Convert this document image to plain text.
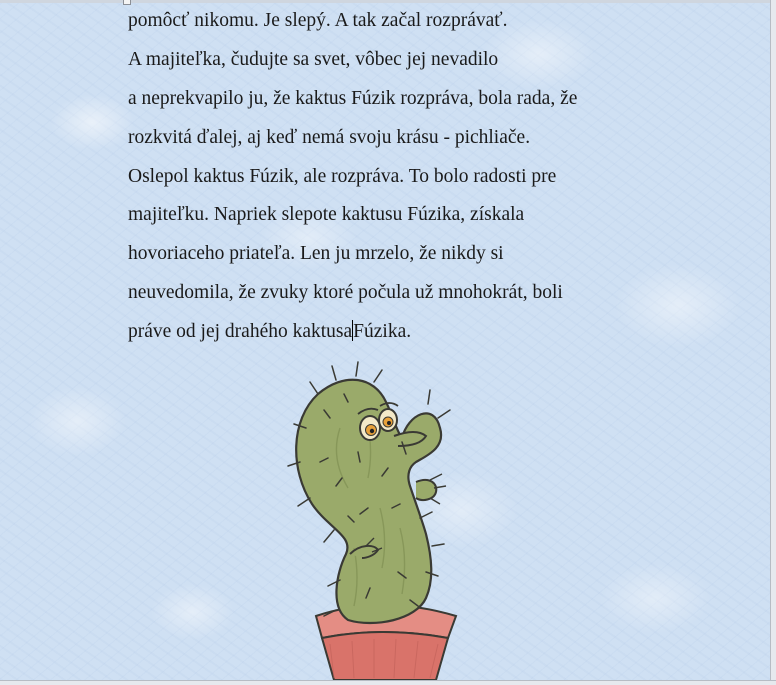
pomôcť nikomu. Je slepý. A tak začal rozprávať.
A majiteľka, čudujte sa svet, vôbec jej nevadilo
a neprekvapilo ju, že kaktus Fúzik rozpráva, bola rada, že
rozkvitá ďalej, aj keď nemá svoju krásu - pichliače.
Oslepol kaktus Fúzik, ale rozpráva. To bolo radosti pre
majiteľku. Napriek slepote kaktusu Fúzika, získala
hovoriaceho priateľa. Len ju mrzelo, že nikdy si
neuvedomila, že zvuky ktoré počula už mnohokrát, boli
práve od jej drahého kaktusaFúzika.
